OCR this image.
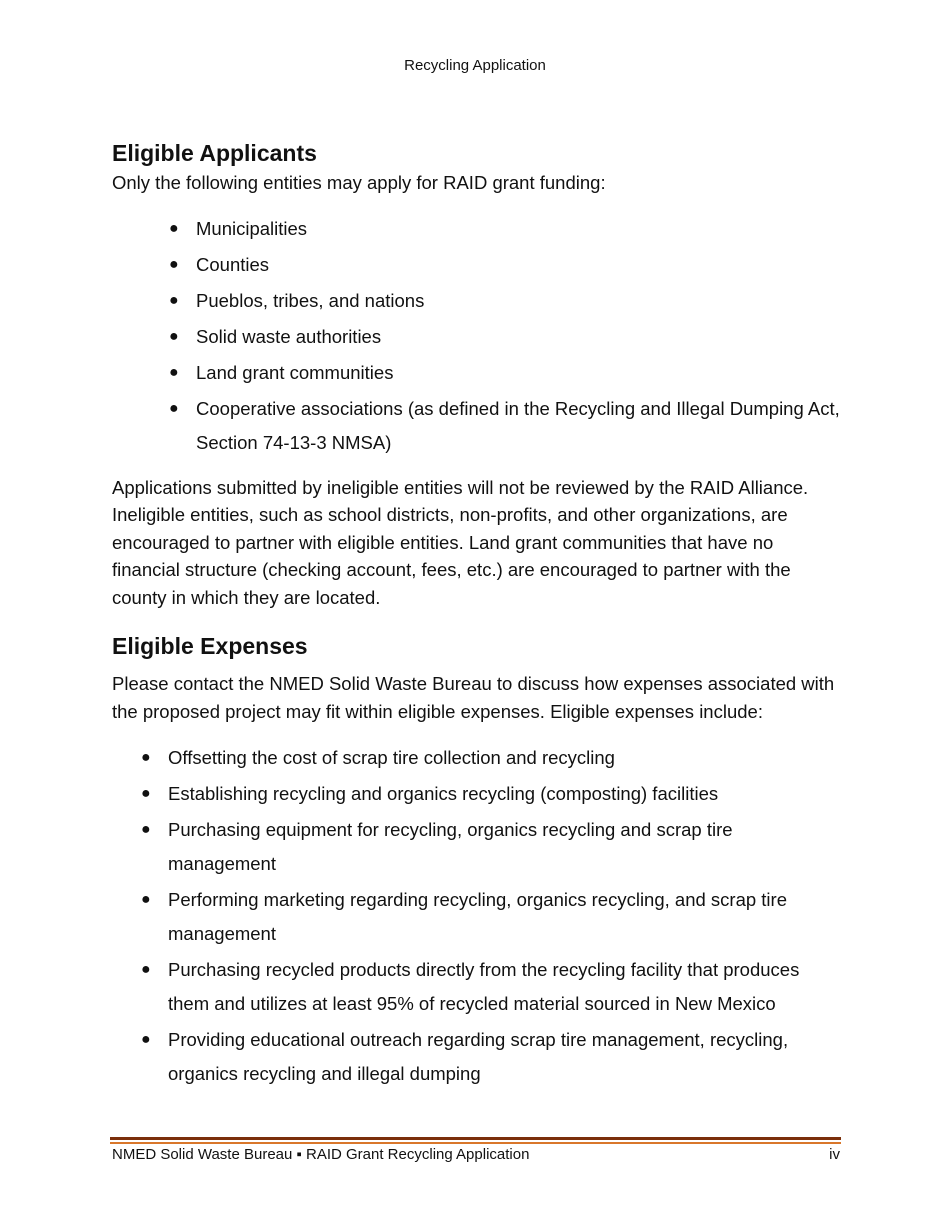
Recycling Application
Eligible Applicants

Only the following entities may apply for RAID grant funding:

● Municipalities
● Counties
● Pueblos, tribes, and nations
● Solid waste authorities
● Land grant communities
● Cooperative associations (as defined in the Recycling and Illegal Dumping Act, Section 74-13-3 NMSA)

Applications submitted by ineligible entities will not be reviewed by the RAID Alliance. Ineligible entities, such as school districts, non-profits, and other organizations, are encouraged to partner with eligible entities. Land grant communities that have no financial structure (checking account, fees, etc.) are encouraged to partner with the county in which they are located.

Eligible Expenses

Please contact the NMED Solid Waste Bureau to discuss how expenses associated with the proposed project may fit within eligible expenses. Eligible expenses include:

● Offsetting the cost of scrap tire collection and recycling
● Establishing recycling and organics recycling (composting) facilities
● Purchasing equipment for recycling, organics recycling and scrap tire management
● Performing marketing regarding recycling, organics recycling, and scrap tire management
● Purchasing recycled products directly from the recycling facility that produces them and utilizes at least 95% of recycled material sourced in New Mexico
● Providing educational outreach regarding scrap tire management, recycling, organics recycling and illegal dumping
NMED Solid Waste Bureau ▪ RAID Grant Recycling Application	iv
